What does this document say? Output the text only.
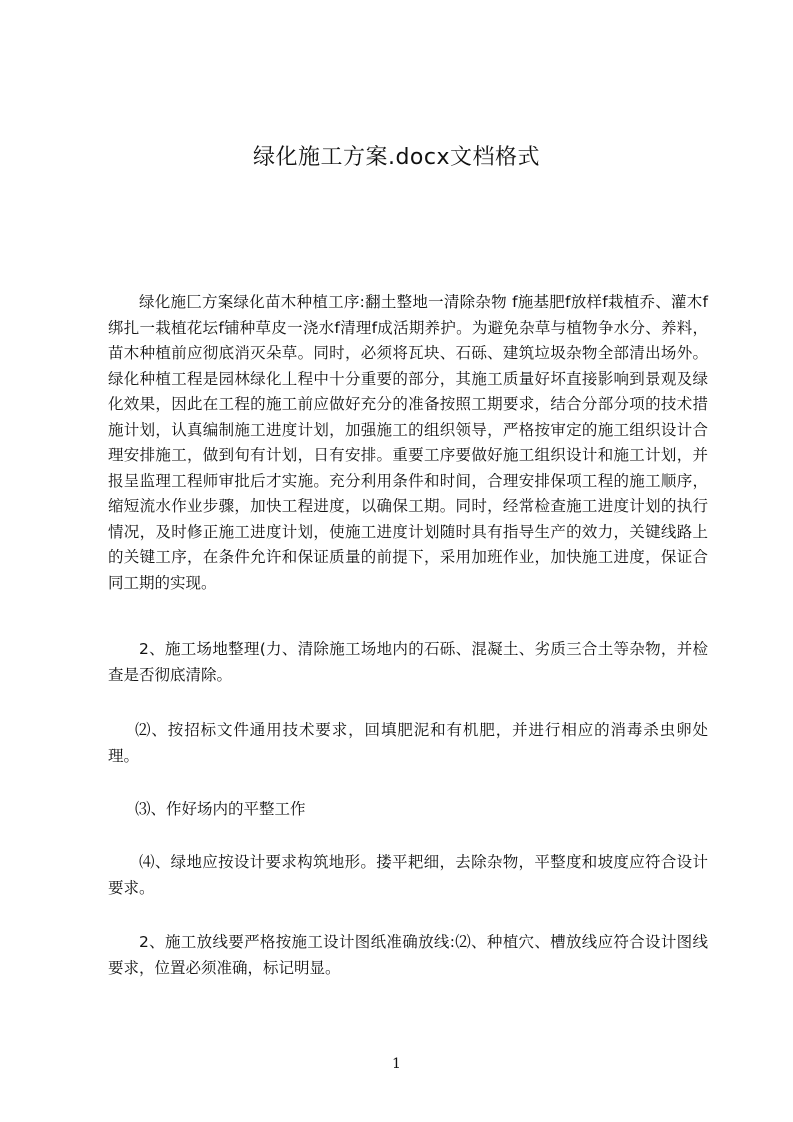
绿化施工方案.docx文档格式
绿化施匚方案绿化苗木种植工序:翻土整地一清除杂物 f施基肥f放样f栽植乔、灌木f绑扎一栽植花坛f铺种草皮一浇水f清理f成活期养护。为避免杂草与植物争水分、养料，苗木种植前应彻底消灭朵草。同时，必须将瓦块、石砾、建筑垃圾杂物全部清出场外。绿化种植工程是园林绿化丄程中十分重要的部分，其施工质量好坏直接影响到景观及绿化效果，因此在工程的施工前应做好充分的准备按照工期要求，结合分部分项的技术措施计划，认真编制施工进度计划，加强施工的组织领导，严格按审定的施工组织设计合理安排施工，做到旬有计划，日有安排。重要工序要做好施工组织设计和施工计划，并报呈监理工程师审批后才实施。充分利用条件和时间，合理安排保项工程的施工顺序，缩短流水作业步骤，加快工程进度，以确保工期。同时，经常检查施工进度计划的执行情况，及时修正施工进度计划，使施工进度计划随时具有指导生产的效力，关键线路上的关键工序，在条件允许和保证质量的前提下，采用加班作业，加快施工进度，保证合同工期的实现。
2、施工场地整理(力、清除施工场地内的石砾、混凝土、劣质三合土等杂物，并检查是否彻底清除。
⑵、按招标文件通用技术要求，回填肥泥和有机肥，并进行相应的消毒杀虫卵处理。
⑶、作好场内的平整工作
⑷、绿地应按设计要求构筑地形。搂平耙细，去除杂物，平整度和坡度应符合设计要求。
2、施工放线要严格按施工设计图纸准确放线:⑵、种植穴、槽放线应符合设计图线要求，位置必须准确，标记明显。
1
